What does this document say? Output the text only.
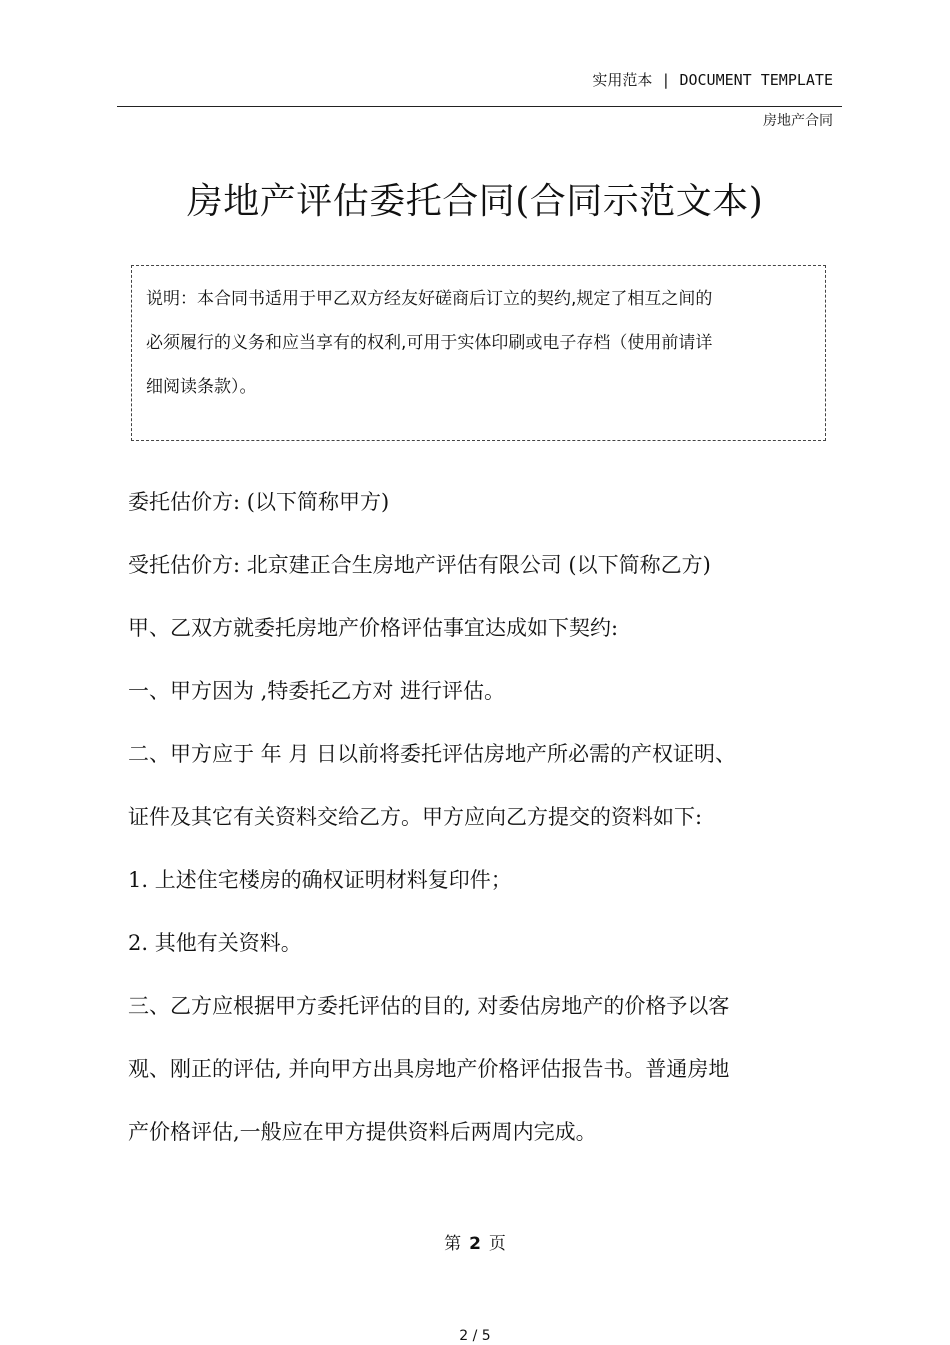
实用范本 | DOCUMENT TEMPLATE
房地产合同
房地产评估委托合同(合同示范文本)
说明：本合同书适用于甲乙双方经友好磋商后订立的契约,规定了相互之间的
必须履行的义务和应当享有的权利,可用于实体印刷或电子存档（使用前请详
细阅读条款）。
委托估价方: (以下简称甲方)
受托估价方: 北京建正合生房地产评估有限公司 (以下简称乙方)
甲、乙双方就委托房地产价格评估事宜达成如下契约:
一、甲方因为 ,特委托乙方对 进行评估。
二、甲方应于 年 月 日以前将委托评估房地产所必需的产权证明、
证件及其它有关资料交给乙方。甲方应向乙方提交的资料如下:
1. 上述住宅楼房的确权证明材料复印件；
2. 其他有关资料。
三、乙方应根据甲方委托评估的目的, 对委估房地产的价格予以客
观、刚正的评估, 并向甲方出具房地产价格评估报告书。普通房地
产价格评估,一般应在甲方提供资料后两周内完成。
第 2 页
2 / 5
